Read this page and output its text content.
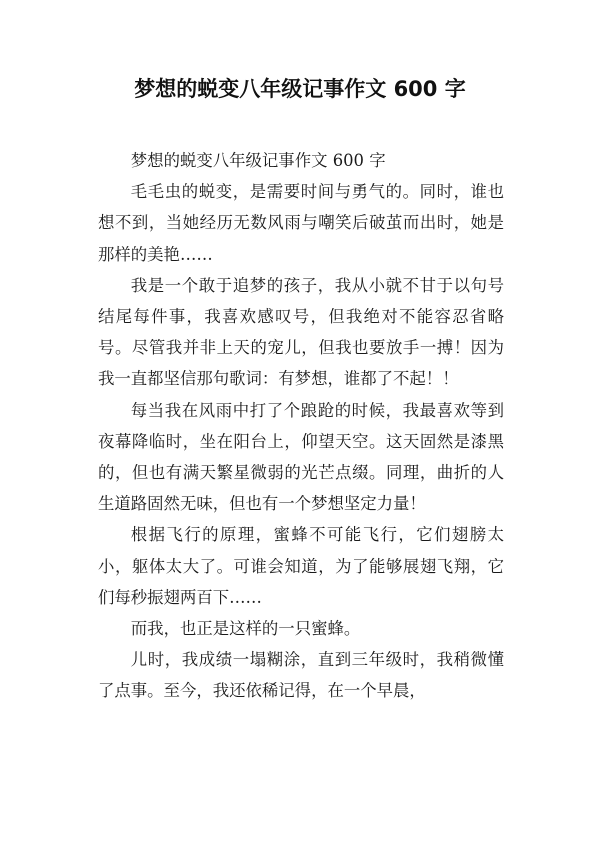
梦想的蜕变八年级记事作文 600 字

梦想的蜕变八年级记事作文 600 字

毛毛虫的蜕变，是需要时间与勇气的。同时，谁也想不到，当她经历无数风雨与嘲笑后破茧而出时，她是那样的美艳……

我是一个敢于追梦的孩子，我从小就不甘于以句号结尾每件事，我喜欢感叹号，但我绝对不能容忍省略号。尽管我并非上天的宠儿，但我也要放手一搏！因为我一直都坚信那句歌词：有梦想，谁都了不起！！

每当我在风雨中打了个踉跄的时候，我最喜欢等到夜幕降临时，坐在阳台上，仰望天空。这天固然是漆黑的，但也有满天繁星微弱的光芒点缀。同理，曲折的人生道路固然无味，但也有一个梦想坚定力量！

根据飞行的原理，蜜蜂不可能飞行，它们翅膀太小，躯体太大了。可谁会知道，为了能够展翅飞翔，它们每秒振翅两百下……

而我，也正是这样的一只蜜蜂。

儿时，我成绩一塌糊涂，直到三年级时，我稍微懂了点事。至今，我还依稀记得，在一个早晨，
